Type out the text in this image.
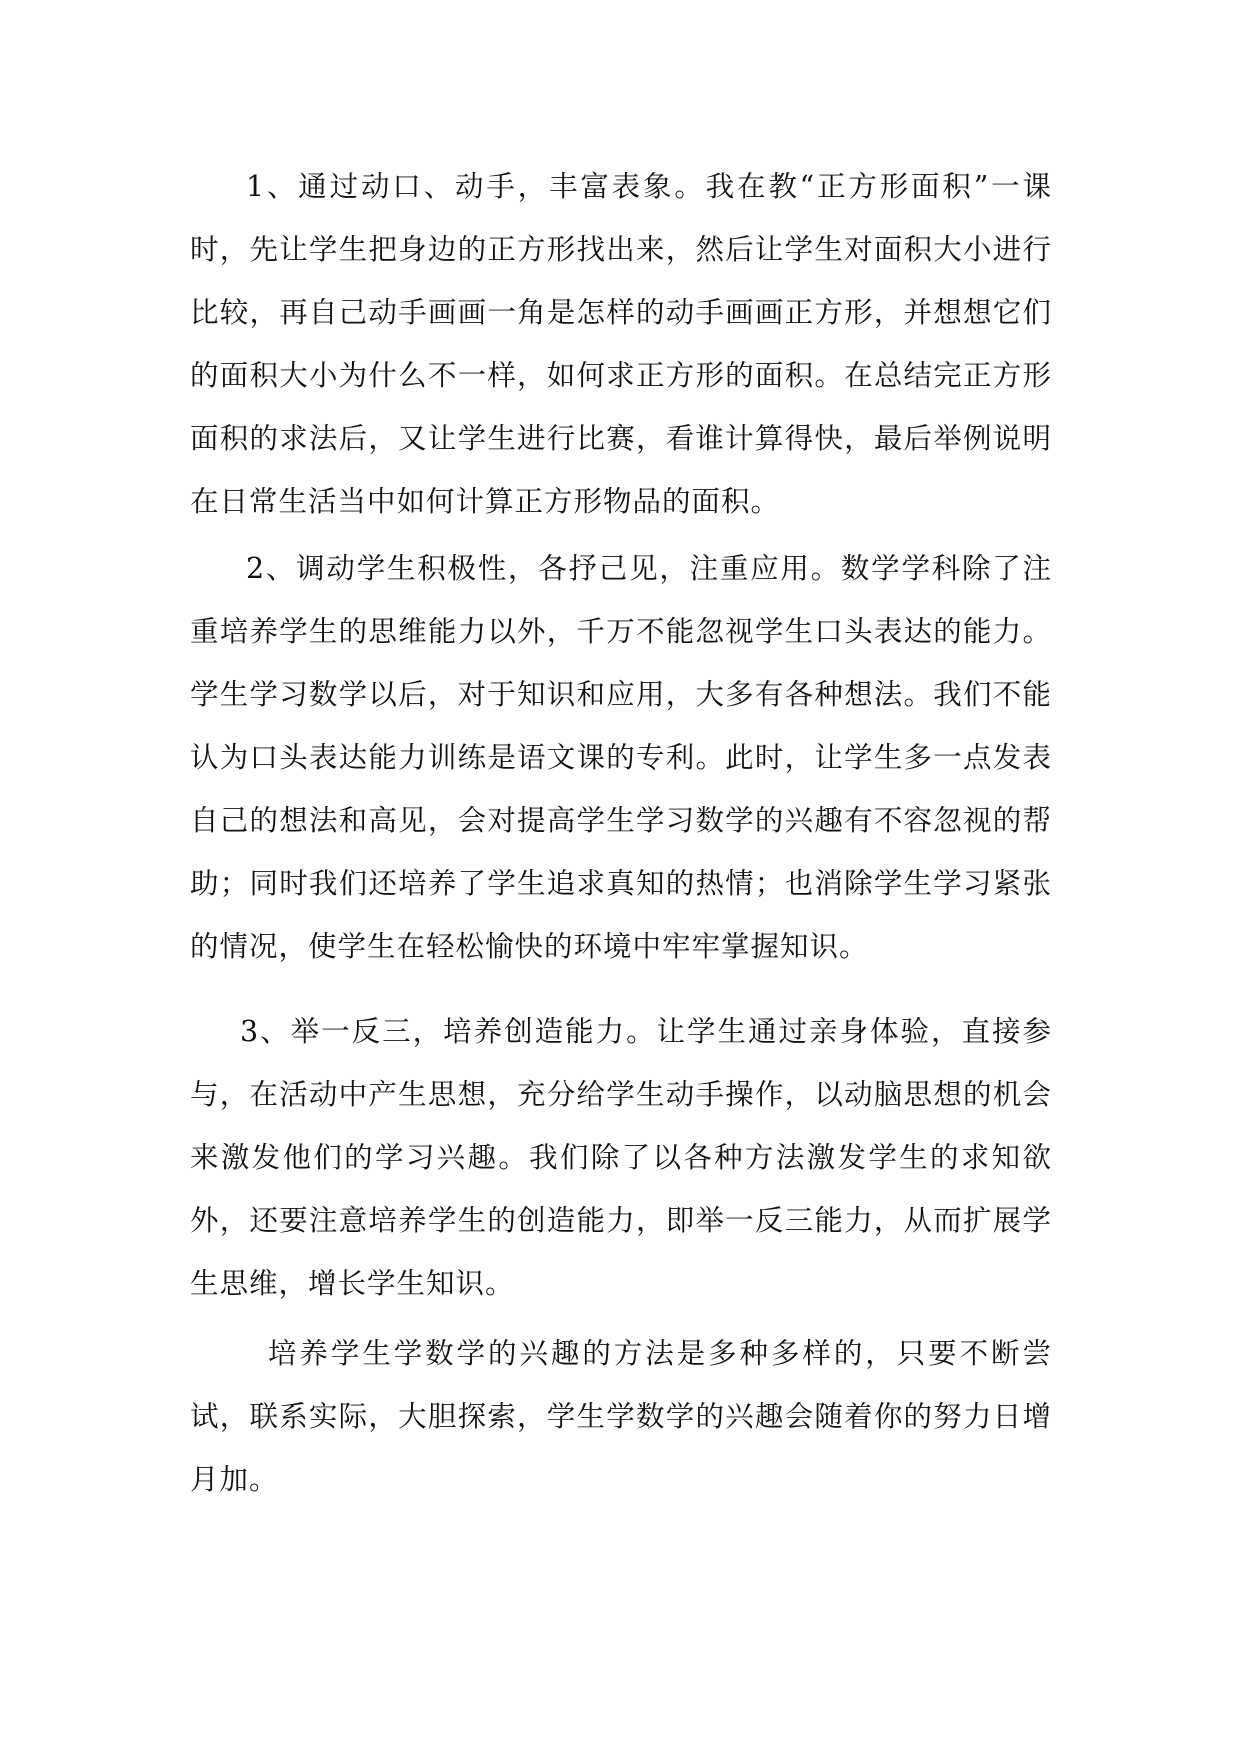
1、通过动口、动手，丰富表象。我在教“正方形面积”一课时，先让学生把身边的正方形找出来，然后让学生对面积大小进行比较，再自己动手画画一角是怎样的动手画画正方形，并想想它们的面积大小为什么不一样，如何求正方形的面积。在总结完正方形面积的求法后，又让学生进行比赛，看谁计算得快，最后举例说明在日常生活当中如何计算正方形物品的面积。

2、调动学生积极性，各抒己见，注重应用。数学学科除了注重培养学生的思维能力以外，千万不能忽视学生口头表达的能力。学生学习数学以后，对于知识和应用，大多有各种想法。我们不能认为口头表达能力训练是语文课的专利。此时，让学生多一点发表自己的想法和高见，会对提高学生学习数学的兴趣有不容忽视的帮助；同时我们还培养了学生追求真知的热情；也消除学生学习紧张的情况，使学生在轻松愉快的环境中牢牢掌握知识。

3、举一反三，培养创造能力。让学生通过亲身体验，直接参与，在活动中产生思想，充分给学生动手操作，以动脑思想的机会来激发他们的学习兴趣。我们除了以各种方法激发学生的求知欲外，还要注意培养学生的创造能力，即举一反三能力，从而扩展学生思维，增长学生知识。

培养学生学数学的兴趣的方法是多种多样的，只要不断尝试，联系实际，大胆探索，学生学数学的兴趣会随着你的努力日增月加。
